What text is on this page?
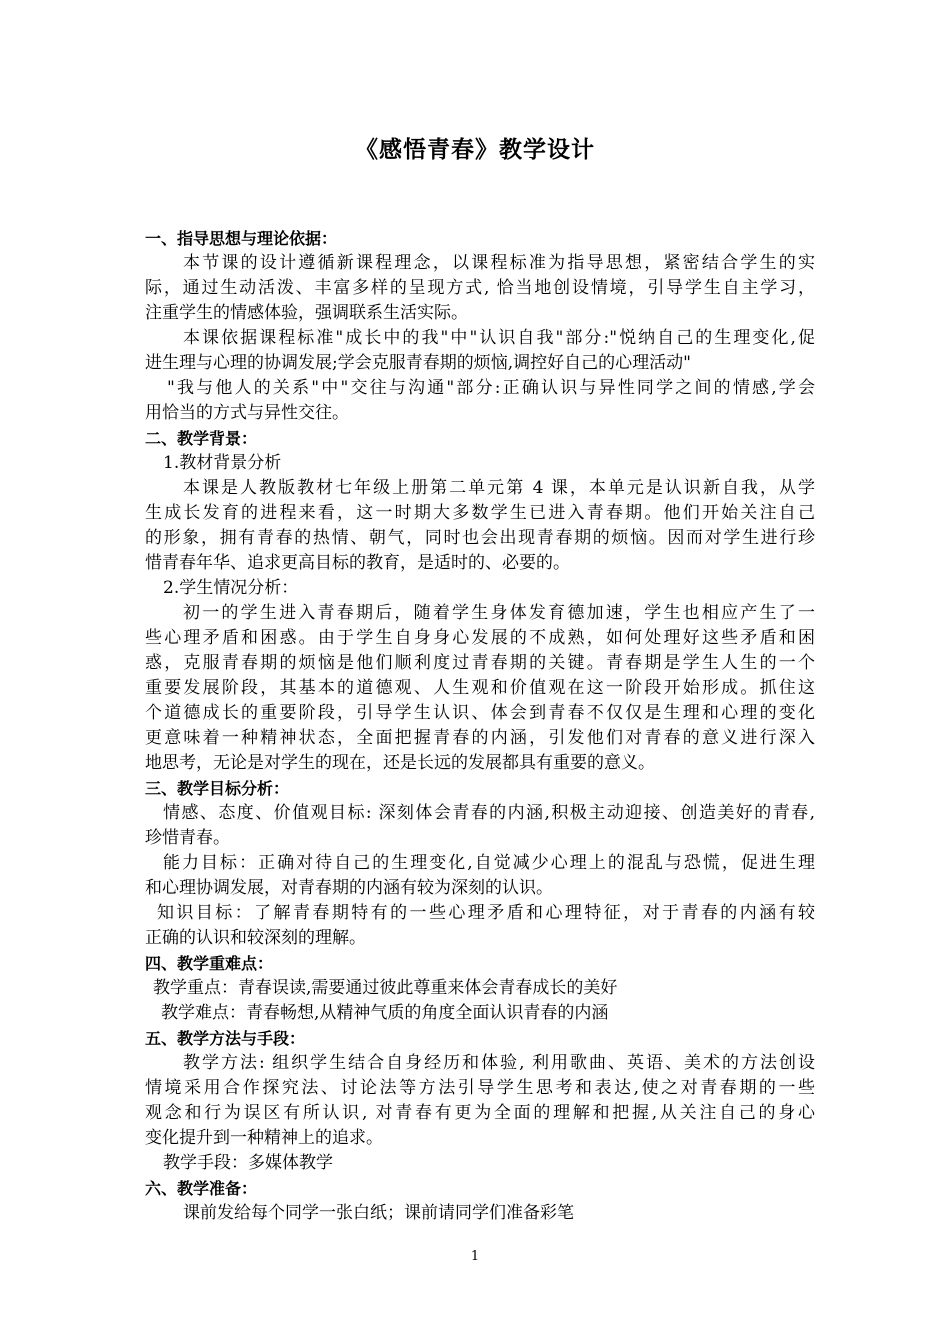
《感悟青春》教学设计
一、指导思想与理论依据：
本节课的设计遵循新课程理念，以课程标准为指导思想，紧密结合学生的实
际，通过生动活泼、丰富多样的呈现方式, 恰当地创设情境，引导学生自主学习，
注重学生的情感体验，强调联系生活实际。
本课依据课程标准"成长中的我"中"认识自我"部分:"悦纳自己的生理变化,促
进生理与心理的协调发展;学会克服青春期的烦恼,调控好自己的心理活动"
"我与他人的关系"中"交往与沟通"部分:正确认识与异性同学之间的情感,学会
用恰当的方式与异性交往。
二、教学背景：
1.教材背景分析
本课是人教版教材七年级上册第二单元第 4 课，本单元是认识新自我，从学
生成长发育的进程来看，这一时期大多数学生已进入青春期。他们开始关注自己
的形象，拥有青春的热情、朝气，同时也会出现青春期的烦恼。因而对学生进行珍
惜青春年华、追求更高目标的教育，是适时的、必要的。
2.学生情况分析：
初一的学生进入青春期后，随着学生身体发育德加速，学生也相应产生了一
些心理矛盾和困惑。由于学生自身身心发展的不成熟，如何处理好这些矛盾和困
惑，克服青春期的烦恼是他们顺利度过青春期的关键。青春期是学生人生的一个
重要发展阶段，其基本的道德观、人生观和价值观在这一阶段开始形成。抓住这
个道德成长的重要阶段，引导学生认识、体会到青春不仅仅是生理和心理的变化
更意味着一种精神状态，全面把握青春的内涵，引发他们对青春的意义进行深入
地思考，无论是对学生的现在，还是长远的发展都具有重要的意义。
三、教学目标分析：
情感、态度、价值观目标: 深刻体会青春的内涵,积极主动迎接、创造美好的青春,
珍惜青春。
能力目标：正确对待自己的生理变化,自觉减少心理上的混乱与恐慌，促进生理
和心理协调发展，对青春期的内涵有较为深刻的认识。
知识目标：了解青春期特有的一些心理矛盾和心理特征，对于青春的内涵有较
正确的认识和较深刻的理解。
四、教学重难点：
教学重点：青春误读,需要通过彼此尊重来体会青春成长的美好
教学难点：青春畅想,从精神气质的角度全面认识青春的内涵
五、教学方法与手段：
教学方法: 组织学生结合自身经历和体验, 利用歌曲、英语、美术的方法创设
情境采用合作探究法、讨论法等方法引导学生思考和表达,使之对青春期的一些
观念和行为误区有所认识, 对青春有更为全面的理解和把握,从关注自己的身心
变化提升到一种精神上的追求。
教学手段：多媒体教学
六、教学准备：
课前发给每个同学一张白纸；课前请同学们准备彩笔
1
